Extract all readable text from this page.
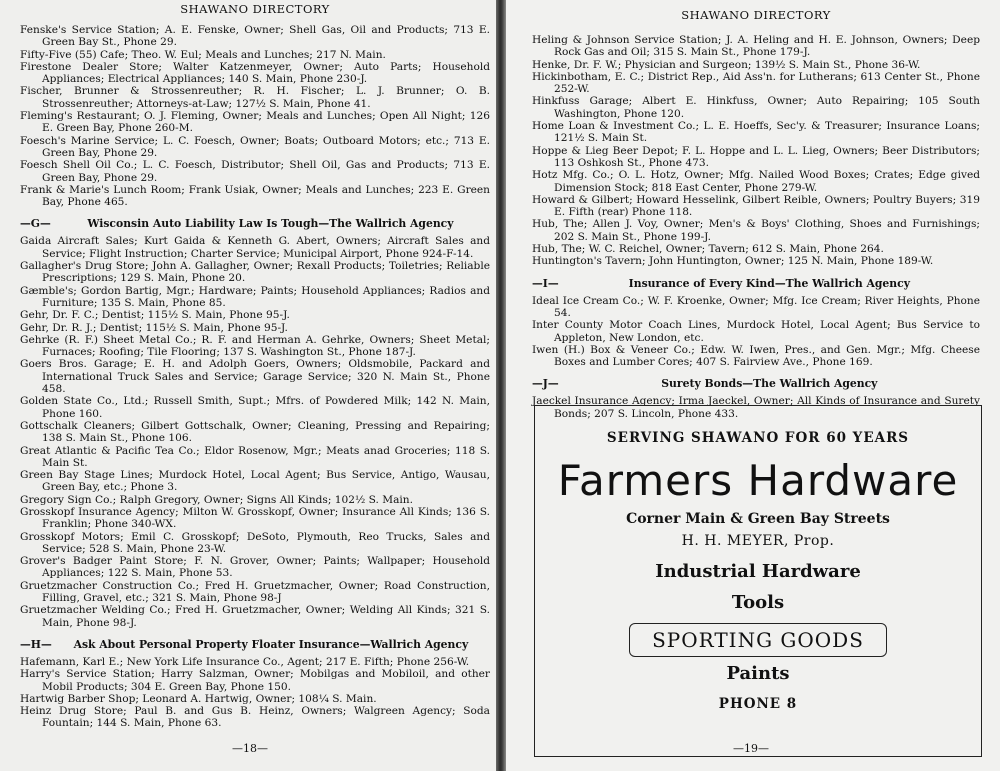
SHAWANO DIRECTORY

Fenske's Service Station; A. E. Fenske, Owner; Shell Gas, Oil and Products; 713 E. Green Bay St., Phone 29.

Fifty-Five (55) Cafe; Theo. W. Eul; Meals and Lunches; 217 N. Main.

Firestone Dealer Store; Walter Katzenmeyer, Owner; Auto Parts; Household Appliances; Electrical Appliances; 140 S. Main, Phone 230-J.

Fischer, Brunner & Strossenreuther; R. H. Fischer; L. J. Brunner; O. B. Strossenreuther; Attorneys-at-Law; 127½ S. Main, Phone 41.

Fleming's Restaurant; O. J. Fleming, Owner; Meals and Lunches; Open All Night; 126 E. Green Bay, Phone 260-M.

Foesch's Marine Service; L. C. Foesch, Owner; Boats; Outboard Motors; etc.; 713 E. Green Bay, Phone 29.

Foesch Shell Oil Co.; L. C. Foesch, Distributor; Shell Oil, Gas and Products; 713 E. Green Bay, Phone 29.

Frank & Marie's Lunch Room; Frank Usiak, Owner; Meals and Lunches; 223 E. Green Bay, Phone 465.

—G—	Wisconsin Auto Liability Law Is Tough—The Wallrich Agency

Gaida Aircraft Sales; Kurt Gaida & Kenneth G. Abert, Owners; Aircraft Sales and Service; Flight Instruction; Charter Service; Municipal Airport, Phone 924-F-14.

Gallagher's Drug Store; John A. Gallagher, Owner; Rexall Products; Toiletries; Reliable Prescriptions; 129 S. Main, Phone 20.

Gæmble's; Gordon Bartig, Mgr.; Hardware; Paints; Household Appliances; Radios and Furniture; 135 S. Main, Phone 85.

Gehr, Dr. F. C.; Dentist; 115½ S. Main, Phone 95-J.

Gehr, Dr. R. J.; Dentist; 115½ S. Main, Phone 95-J.

Gehrke (R. F.) Sheet Metal Co.; R. F. and Herman A. Gehrke, Owners; Sheet Metal; Furnaces; Roofing; Tile Flooring; 137 S. Washington St., Phone 187-J.

Goers Bros. Garage; E. H. and Adolph Goers, Owners; Oldsmobile, Packard and International Truck Sales and Service; Garage Service; 320 N. Main St., Phone 458.

Golden State Co., Ltd.; Russell Smith, Supt.; Mfrs. of Powdered Milk; 142 N. Main, Phone 160.

Gottschalk Cleaners; Gilbert Gottschalk, Owner; Cleaning, Pressing and Repairing; 138 S. Main St., Phone 106.

Great Atlantic & Pacific Tea Co.; Eldor Rosenow, Mgr.; Meats anad Groceries; 118 S. Main St.

Green Bay Stage Lines; Murdock Hotel, Local Agent; Bus Service, Antigo, Wausau, Green Bay, etc.; Phone 3.

Gregory Sign Co.; Ralph Gregory, Owner; Signs All Kinds; 102½ S. Main.

Grosskopf Insurance Agency; Milton W. Grosskopf, Owner; Insurance All Kinds; 136 S. Franklin; Phone 340-WX.

Grosskopf Motors; Emil C. Grosskopf; DeSoto, Plymouth, Reo Trucks, Sales and Service; 528 S. Main, Phone 23-W.

Grover's Badger Paint Store; F. N. Grover, Owner; Paints; Wallpaper; Household Appliances; 122 S. Main, Phone 53.

Gruetzmacher Construction Co.; Fred H. Gruetzmacher, Owner; Road Construction, Filling, Gravel, etc.; 321 S. Main, Phone 98-J

Gruetzmacher Welding Co.; Fred H. Gruetzmacher, Owner; Welding All Kinds; 321 S. Main, Phone 98-J.

—H—	Ask About Personal Property Floater Insurance—Wallrich Agency

Hafemann, Karl E.; New York Life Insurance Co., Agent; 217 E. Fifth; Phone 256-W.

Harry's Service Station; Harry Salzman, Owner; Mobilgas and Mobiloil, and other Mobil Products; 304 E. Green Bay, Phone 150.

Hartwig Barber Shop; Leonard A. Hartwig, Owner; 108¼ S. Main.

Heinz Drug Store; Paul B. and Gus B. Heinz, Owners; Walgreen Agency; Soda Fountain; 144 S. Main, Phone 63.

—18—

SHAWANO DIRECTORY

Heling & Johnson Service Station; J. A. Heling and H. E. Johnson, Owners; Deep Rock Gas and Oil; 315 S. Main St., Phone 179-J.

Henke, Dr. F. W.; Physician and Surgeon; 139½ S. Main St., Phone 36-W.

Hickinbotham, E. C.; District Rep., Aid Ass'n. for Lutherans; 613 Center St., Phone 252-W.

Hinkfuss Garage; Albert E. Hinkfuss, Owner; Auto Repairing; 105 South Washington, Phone 120.

Home Loan & Investment Co.; L. E. Hoeffs, Sec'y. & Treasurer; Insurance Loans; 121½ S. Main St.

Hoppe & Lieg Beer Depot; F. L. Hoppe and L. L. Lieg, Owners; Beer Distributors; 113 Oshkosh St., Phone 473.

Hotz Mfg. Co.; O. L. Hotz, Owner; Mfg. Nailed Wood Boxes; Crates; Edge gived Dimension Stock; 818 East Center, Phone 279-W.

Howard & Gilbert; Howard Hesselink, Gilbert Reible, Owners; Poultry Buyers; 319 E. Fifth (rear) Phone 118.

Hub, The; Allen J. Voy, Owner; Men's & Boys' Clothing, Shoes and Furnishings; 202 S. Main St., Phone 199-J.

Hub, The; W. C. Reichel, Owner; Tavern; 612 S. Main, Phone 264.

Huntington's Tavern; John Huntington, Owner; 125 N. Main, Phone 189-W.

—I—	Insurance of Every Kind—The Wallrich Agency

Ideal Ice Cream Co.; W. F. Kroenke, Owner; Mfg. Ice Cream; River Heights, Phone 54.

Inter County Motor Coach Lines, Murdock Hotel, Local Agent; Bus Service to Appleton, New London, etc.

Iwen (H.) Box & Veneer Co.; Edw. W. Iwen, Pres., and Gen. Mgr.; Mfg. Cheese Boxes and Lumber Cores; 407 S. Fairview Ave., Phone 169.

—J—	Surety Bonds—The Wallrich Agency

Jaeckel Insurance Agency; Irma Jaeckel, Owner; All Kinds of Insurance and Surety Bonds; 207 S. Lincoln, Phone 433.

—19—

SERVING SHAWANO FOR 60 YEARS

Farmers Hardware

Corner Main & Green Bay Streets

H. H. MEYER, Prop.

Industrial Hardware

Tools

SPORTING GOODS

Paints

PHONE 8
